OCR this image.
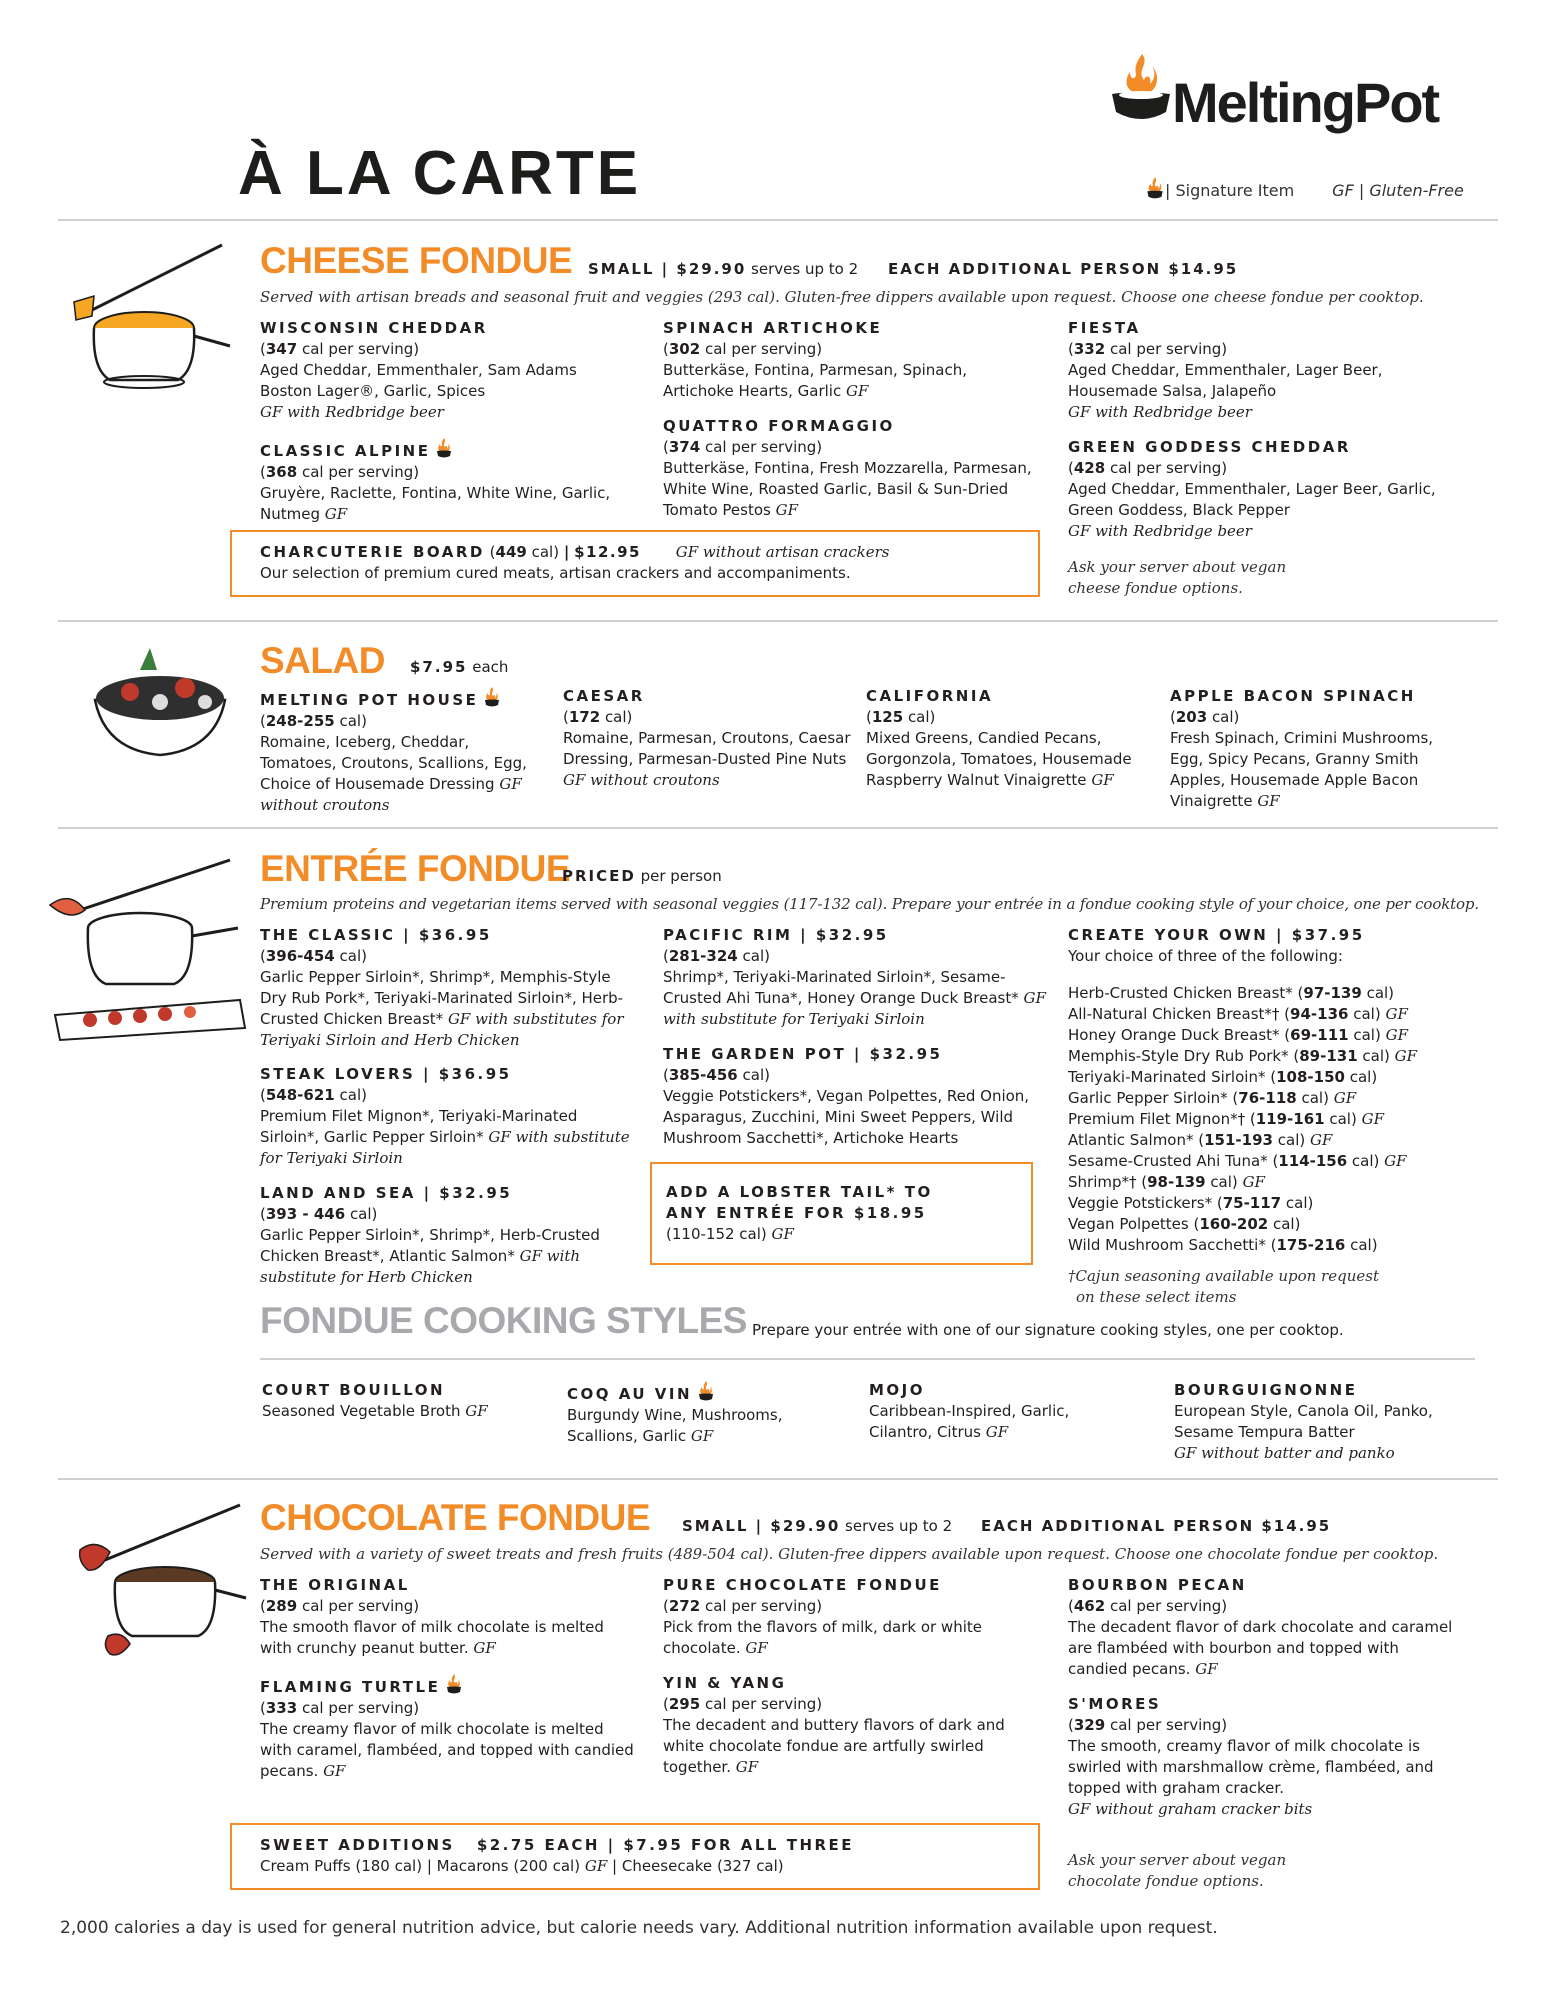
À LA CARTE
MeltingPot
| Signature Item GF | Gluten-Free
CHEESE FONDUE SMALL | $29.90 serves up to 2 EACH ADDITIONAL PERSON $14.95
Served with artisan breads and seasonal fruit and veggies (293 cal). Gluten-free dippers available upon request. Choose one cheese fondue per cooktop.
WISCONSIN CHEDDAR
(347 cal per serving)
Aged Cheddar, Emmenthaler, Sam Adams Boston Lager®, Garlic, Spices
GF with Redbridge beer
CLASSIC ALPINE
(368 cal per serving)
Gruyère, Raclette, Fontina, White Wine, Garlic, Nutmeg GF
SPINACH ARTICHOKE
(302 cal per serving)
Butterkäse, Fontina, Parmesan, Spinach, Artichoke Hearts, Garlic GF
QUATTRO FORMAGGIO
(374 cal per serving)
Butterkäse, Fontina, Fresh Mozzarella, Parmesan, White Wine, Roasted Garlic, Basil & Sun-Dried Tomato Pestos GF
FIESTA
(332 cal per serving)
Aged Cheddar, Emmenthaler, Lager Beer, Housemade Salsa, Jalapeño
GF with Redbridge beer
GREEN GODDESS CHEDDAR
(428 cal per serving)
Aged Cheddar, Emmenthaler, Lager Beer, Garlic, Green Goddess, Black Pepper
GF with Redbridge beer
CHARCUTERIE BOARD (449 cal) | $12.95 GF without artisan crackers
Our selection of premium cured meats, artisan crackers and accompaniments.	Ask your server about vegan cheese fondue options.
SALAD $7.95 each
MELTING POT HOUSE
(248-255 cal)
Romaine, Iceberg, Cheddar, Tomatoes, Croutons, Scallions, Egg, Choice of Housemade Dressing GF without croutons
CAESAR
(172 cal)
Romaine, Parmesan, Croutons, Caesar Dressing, Parmesan-Dusted Pine Nuts GF without croutons
CALIFORNIA
(125 cal)
Mixed Greens, Candied Pecans, Gorgonzola, Tomatoes, Housemade Raspberry Walnut Vinaigrette GF
APPLE BACON SPINACH
(203 cal)
Fresh Spinach, Crimini Mushrooms, Egg, Spicy Pecans, Granny Smith Apples, Housemade Apple Bacon Vinaigrette GF
ENTRÉE FONDUE
PRICED per person
Premium proteins and vegetarian items served with seasonal veggies (117-132 cal). Prepare your entrée in a fondue cooking style of your choice, one per cooktop.
THE CLASSIC | $36.95
(396-454 cal)
Garlic Pepper Sirloin*, Shrimp*, Memphis-Style Dry Rub Pork*, Teriyaki-Marinated Sirloin*, Herb-Crusted Chicken Breast* GF with substitutes for Teriyaki Sirloin and Herb Chicken
STEAK LOVERS | $36.95
(548-621 cal)
Premium Filet Mignon*, Teriyaki-Marinated Sirloin*, Garlic Pepper Sirloin* GF with substitute for Teriyaki Sirloin
LAND AND SEA | $32.95
(393 - 446 cal)
Garlic Pepper Sirloin*, Shrimp*, Herb-Crusted Chicken Breast*, Atlantic Salmon* GF with substitute for Herb Chicken
PACIFIC RIM | $32.95
(281-324 cal)
Shrimp*, Teriyaki-Marinated Sirloin*, Sesame-Crusted Ahi Tuna*, Honey Orange Duck Breast* GF with substitute for Teriyaki Sirloin
THE GARDEN POT | $32.95
(385-456 cal)
Veggie Potstickers*, Vegan Polpettes, Red Onion, Asparagus, Zucchini, Mini Sweet Peppers, Wild Mushroom Sacchetti*, Artichoke Hearts
ADD A LOBSTER TAIL* TO
ANY ENTRÉE FOR $18.95
(110-152 cal) GF
CREATE YOUR OWN | $37.95
Your choice of three of the following:
Herb-Crusted Chicken Breast* (97-139 cal)
All-Natural Chicken Breast*† (94-136 cal) GF
Honey Orange Duck Breast* (69-111 cal) GF
Memphis-Style Dry Rub Pork* (89-131 cal) GF
Teriyaki-Marinated Sirloin* (108-150 cal)
Garlic Pepper Sirloin* (76-118 cal) GF
Premium Filet Mignon*† (119-161 cal) GF
Atlantic Salmon* (151-193 cal) GF
Sesame-Crusted Ahi Tuna* (114-156 cal) GF
Shrimp*† (98-139 cal) GF
Veggie Potstickers* (75-117 cal)
Vegan Polpettes (160-202 cal)
Wild Mushroom Sacchetti* (175-216 cal)
†Cajun seasoning available upon request
on these select items
FONDUE COOKING STYLES Prepare your entrée with one of our signature cooking styles, one per cooktop.
COURT BOUILLON
Seasoned Vegetable Broth GF
COQ AU VIN
Burgundy Wine, Mushrooms, Scallions, Garlic GF
MOJO
Caribbean-Inspired, Garlic, Cilantro, Citrus GF
BOURGUIGNONNE
European Style, Canola Oil, Panko, Sesame Tempura Batter
GF without batter and panko
CHOCOLATE FONDUE SMALL | $29.90 serves up to 2 EACH ADDITIONAL PERSON $14.95
Served with a variety of sweet treats and fresh fruits (489-504 cal). Gluten-free dippers available upon request. Choose one chocolate fondue per cooktop.
THE ORIGINAL
(289 cal per serving)
The smooth flavor of milk chocolate is melted with crunchy peanut butter. GF
FLAMING TURTLE
(333 cal per serving)
The creamy flavor of milk chocolate is melted with caramel, flambéed, and topped with candied pecans. GF
PURE CHOCOLATE FONDUE
(272 cal per serving)
Pick from the flavors of milk, dark or white chocolate. GF
YIN & YANG
(295 cal per serving)
The decadent and buttery flavors of dark and white chocolate fondue are artfully swirled together. GF
BOURBON PECAN
(462 cal per serving)
The decadent flavor of dark chocolate and caramel are flambéed with bourbon and topped with candied pecans. GF
S'MORES
(329 cal per serving)
The smooth, creamy flavor of milk chocolate is swirled with marshmallow crème, flambéed, and topped with graham cracker.
GF without graham cracker bits
SWEET ADDITIONS $2.75 EACH | $7.95 FOR ALL THREE
Cream Puffs (180 cal) | Macarons (200 cal) GF | Cheesecake (327 cal)	Ask your server about vegan chocolate fondue options.
2,000 calories a day is used for general nutrition advice, but calorie needs vary. Additional nutrition information available upon request.
